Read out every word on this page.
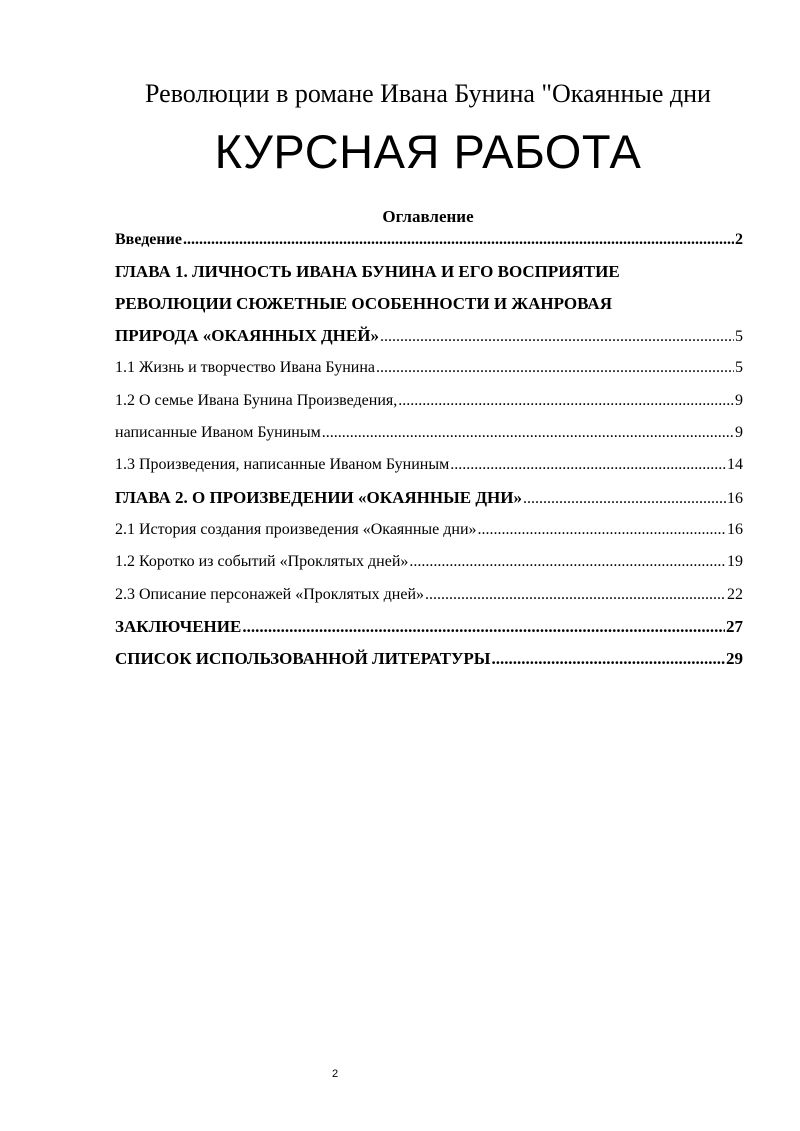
Революции в романе Ивана Бунина "Окаянные дни
КУРСНАЯ РАБОТА
Оглавление
Введение .....	2
ГЛАВА 1. ЛИЧНОСТЬ ИВАНА БУНИНА И ЕГО ВОСПРИЯТИЕ
РЕВОЛЮЦИИ СЮЖЕТНЫЕ ОСОБЕННОСТИ И ЖАНРОВАЯ
ПРИРОДА «ОКАЯННЫХ ДНЕЙ» .....	5
1.1 Жизнь и творчество Ивана Бунина .....	5
1.2 О семье Ивана Бунина Произведения, .....	9
написанные Иваном Буниным .....	9
1.3 Произведения, написанные Иваном Буниным .....	14
ГЛАВА 2. О ПРОИЗВЕДЕНИИ «ОКАЯННЫЕ ДНИ» .....	16
2.1 История создания произведения «Окаянные дни» .....	16
1.2 Коротко из событий «Проклятых дней» .....	19
2.3 Описание персонажей «Проклятых дней» .....	22
ЗАКЛЮЧЕНИЕ .....	27
СПИСОК ИСПОЛЬЗОВАННОЙ ЛИТЕРАТУРЫ .....	29
2
